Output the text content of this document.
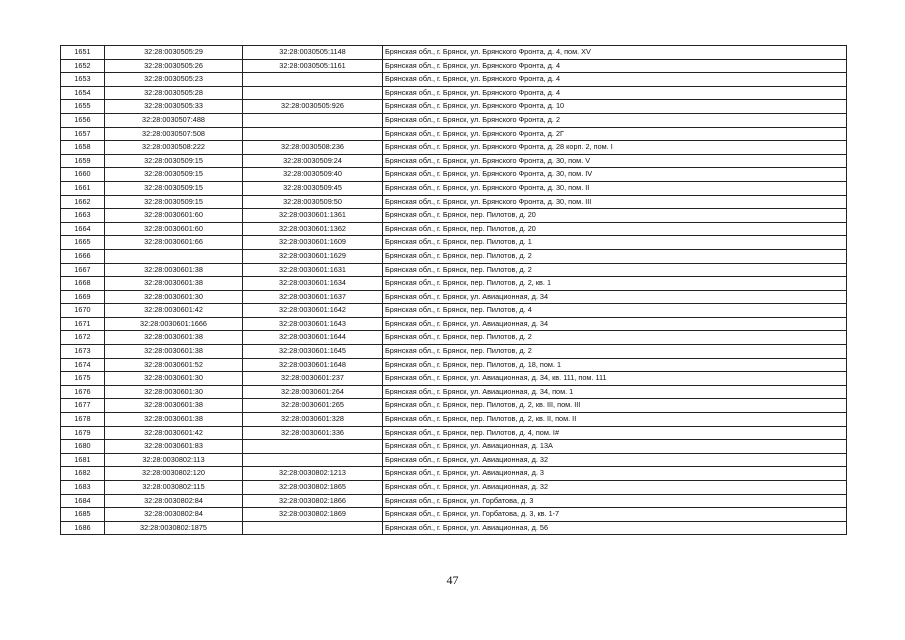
1651	32:28:0030505:29	32:28:0030505:1148	Брянская обл., г. Брянск, ул. Брянского Фронта, д. 4, пом. XV
1652	32:28:0030505:26	32:28:0030505:1161	Брянская обл., г. Брянск, ул. Брянского Фронта, д. 4
1653	32:28:0030505:23		Брянская обл., г. Брянск, ул. Брянского Фронта, д. 4
1654	32:28:0030505:28		Брянская обл., г. Брянск, ул. Брянского Фронта, д. 4
1655	32:28:0030505:33	32:28:0030505:926	Брянская обл., г. Брянск, ул. Брянского Фронта, д. 10
1656	32:28:0030507:488		Брянская обл., г. Брянск, ул. Брянского Фронта, д. 2
1657	32:28:0030507:508		Брянская обл., г. Брянск, ул. Брянского Фронта, д. 2Г
1658	32:28:0030508:222	32:28:0030508:236	Брянская обл., г. Брянск, ул. Брянского Фронта, д. 28 корп. 2, пом. I
1659	32:28:0030509:15	32:28:0030509:24	Брянская обл., г. Брянск, ул. Брянского Фронта, д. 30, пом. V
1660	32:28:0030509:15	32:28:0030509:40	Брянская обл., г. Брянск, ул. Брянского Фронта, д. 30, пом. IV
1661	32:28:0030509:15	32:28:0030509:45	Брянская обл., г. Брянск, ул. Брянского Фронта, д. 30, пом. II
1662	32:28:0030509:15	32:28:0030509:50	Брянская обл., г. Брянск, ул. Брянского Фронта, д. 30, пом. III
1663	32:28:0030601:60	32:28:0030601:1361	Брянская обл., г. Брянск, пер. Пилотов, д. 20
1664	32:28:0030601:60	32:28:0030601:1362	Брянская обл., г. Брянск, пер. Пилотов, д. 20
1665	32:28:0030601:66	32:28:0030601:1609	Брянская обл., г. Брянск, пер. Пилотов, д. 1
1666		32:28:0030601:1629	Брянская обл., г. Брянск, пер. Пилотов, д. 2
1667	32:28:0030601:38	32:28:0030601:1631	Брянская обл., г. Брянск, пер. Пилотов, д. 2
1668	32:28:0030601:38	32:28:0030601:1634	Брянская обл., г. Брянск, пер. Пилотов, д. 2, кв. 1
1669	32:28:0030601:30	32:28:0030601:1637	Брянская обл., г. Брянск, ул. Авиационная, д. 34
1670	32:28:0030601:42	32:28:0030601:1642	Брянская обл., г. Брянск, пер. Пилотов, д. 4
1671	32:28:0030601:1666	32:28:0030601:1643	Брянская обл., г. Брянск, ул. Авиационная, д. 34
1672	32:28:0030601:38	32:28:0030601:1644	Брянская обл., г. Брянск, пер. Пилотов, д. 2
1673	32:28:0030601:38	32:28:0030601:1645	Брянская обл., г. Брянск, пер. Пилотов, д. 2
1674	32:28:0030601:52	32:28:0030601:1648	Брянская обл., г. Брянск, пер. Пилотов, д. 18, пом. 1
1675	32:28:0030601:30	32:28:0030601:237	Брянская обл., г. Брянск, ул. Авиационная, д. 34, кв. 111, пом. 111
1676	32:28:0030601:30	32:28:0030601:264	Брянская обл., г. Брянск, ул. Авиационная, д. 34, пом. 1
1677	32:28:0030601:38	32:28:0030601:265	Брянская обл., г. Брянск, пер. Пилотов, д. 2, кв. III, пом. III
1678	32:28:0030601:38	32:28:0030601:328	Брянская обл., г. Брянск, пер. Пилотов, д. 2, кв. II, пом. II
1679	32:28:0030601:42	32:28:0030601:336	Брянская обл., г. Брянск, пер. Пилотов, д. 4, пом. I#
1680	32:28:0030601:83		Брянская обл., г. Брянск, ул. Авиационная, д. 13А
1681	32:28:0030802:113		Брянская обл., г. Брянск, ул. Авиационная, д. 32
1682	32:28:0030802:120	32:28:0030802:1213	Брянская обл., г. Брянск, ул. Авиационная, д. 3
1683	32:28:0030802:115	32:28:0030802:1865	Брянская обл., г. Брянск, ул. Авиационная, д. 32
1684	32:28:0030802:84	32:28:0030802:1866	Брянская обл., г. Брянск, ул. Горбатова, д. 3
1685	32:28:0030802:84	32:28:0030802:1869	Брянская обл., г. Брянск, ул. Горбатова, д. 3, кв. 1-7
1686	32:28:0030802:1875		Брянская обл., г. Брянск, ул. Авиационная, д. 56
47
